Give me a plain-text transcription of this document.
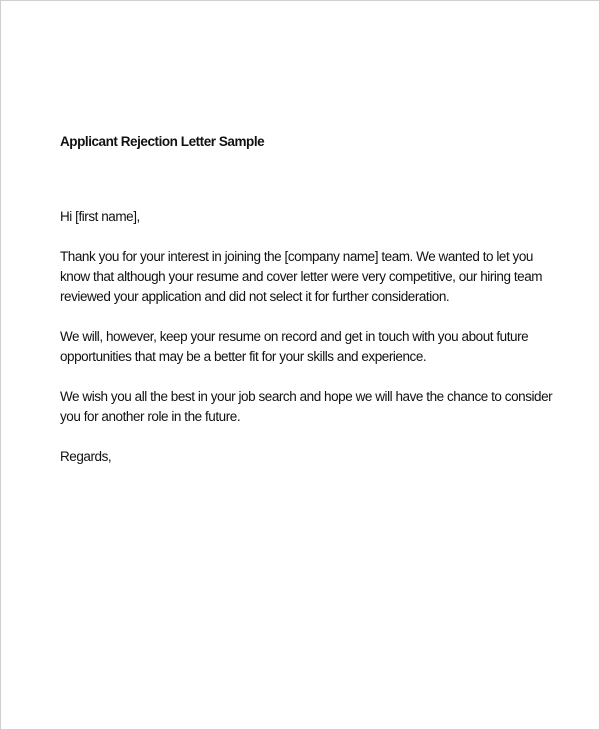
Applicant Rejection Letter Sample

Hi [first name],

Thank you for your interest in joining the [company name] team. We wanted to let you know that although your resume and cover letter were very competitive, our hiring team reviewed your application and did not select it for further consideration.

We will, however, keep your resume on record and get in touch with you about future opportunities that may be a better fit for your skills and experience.

We wish you all the best in your job search and hope we will have the chance to consider you for another role in the future.

Regards,
